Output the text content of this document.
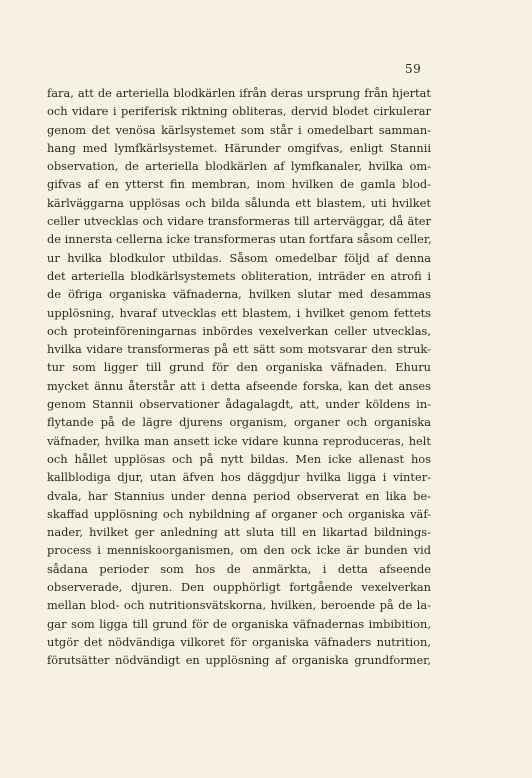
59
fara, att de arteriella blodkärlen ifrån deras ursprung från hjertat
och vidare i periferisk riktning obliteras, dervid blodet cirkulerar
genom det venösa kärlsystemet som står i omedelbart samman-
hang med lymfkärlsystemet. Härunder omgifvas, enligt Stannii
observation, de arteriella blodkärlen af lymfkanaler, hvilka om-
gifvas af en ytterst fin membran, inom hvilken de gamla blod-
kärlväggarna upplösas och bilda sålunda ett blastem, uti hvilket
celler utvecklas och vidare transformeras till arterväggar, då äter
de innersta cellerna icke transformeras utan fortfara såsom celler,
ur hvilka blodkulor utbildas. Såsom omedelbar följd af denna
det arteriella blodkärlsystemets obliteration, inträder en atrofi i
de öfriga organiska väfnaderna, hvilken slutar med desammas
upplösning, hvaraf utvecklas ett blastem, i hvilket genom fettets
och proteinföreningarnas inbördes vexelverkan celler utvecklas,
hvilka vidare transformeras på ett sätt som motsvarar den struk-
tur som ligger till grund för den organiska väfnaden. Ehuru
mycket ännu återstår att i detta afseende forska, kan det anses
genom Stannii observationer ådagalagdt, att, under köldens in-
flytande på de lägre djurens organism, organer och organiska
väfnader, hvilka man ansett icke vidare kunna reproduceras, helt
och hållet upplösas och på nytt bildas. Men icke allenast hos
kallblodiga djur, utan äfven hos däggdjur hvilka ligga i vinter-
dvala, har Stannius under denna period observerat en lika be-
skaffad upplösning och nybildning af organer och organiska väf-
nader, hvilket ger anledning att sluta till en likartad bildnings-
process i menniskoorganismen, om den ock icke är bunden vid
sådana perioder som hos de anmärkta, i detta afseende
observerade, djuren. Den oupphörligt fortgående vexelverkan
mellan blod- och nutritionsvätskorna, hvilken, beroende på de la-
gar som ligga till grund för de organiska väfnadernas imbibition,
utgör det nödvändiga vilkoret för organiska väfnaders nutrition,
förutsätter nödvändigt en upplösning af organiska grundformer,
